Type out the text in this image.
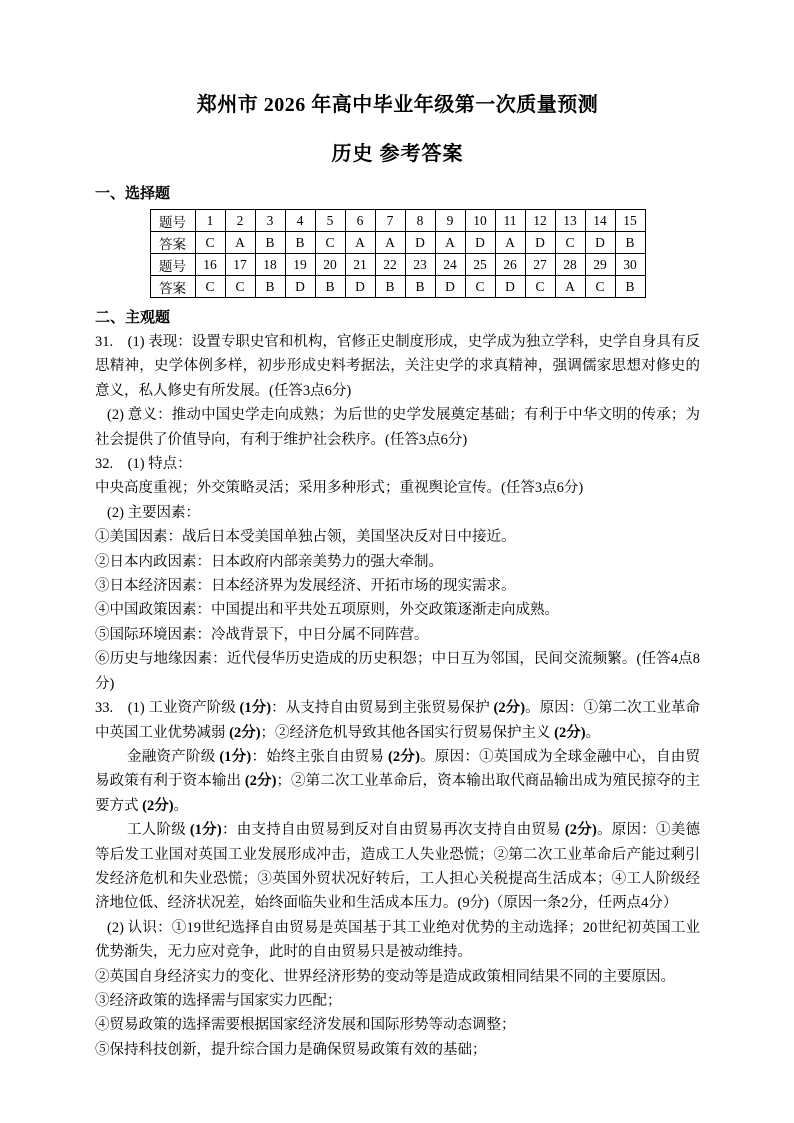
郑州市 2026 年高中毕业年级第一次质量预测
历史 参考答案
一、选择题
题号	1	2	3	4	5	6	7	8	9	10	11	12	13	14	15
答案	C	A	B	B	C	A	A	D	A	D	A	D	C	D	B
题号	16	17	18	19	20	21	22	23	24	25	26	27	28	29	30
答案	C	C	B	D	B	D	B	B	D	C	D	C	A	C	B
二、主观题

31.　(1) 表现：设置专职史官和机构，官修正史制度形成，史学成为独立学科，史学自身具有反思精神，史学体例多样，初步形成史料考据法，关注史学的求真精神，强调儒家思想对修史的意义，私人修史有所发展。(任答3点6分)

(2) 意义：推动中国史学走向成熟；为后世的史学发展奠定基础；有利于中华文明的传承；为社会提供了价值导向，有利于维护社会秩序。(任答3点6分)

32.　(1) 特点：

中央高度重视；外交策略灵活；采用多种形式；重视舆论宣传。(任答3点6分)

(2) 主要因素：

①美国因素：战后日本受美国单独占领，美国坚决反对日中接近。

②日本内政因素：日本政府内部亲美势力的强大牵制。

③日本经济因素：日本经济界为发展经济、开拓市场的现实需求。

④中国政策因素：中国提出和平共处五项原则，外交政策逐渐走向成熟。

⑤国际环境因素：冷战背景下，中日分属不同阵营。

⑥历史与地缘因素：近代侵华历史造成的历史积怨；中日互为邻国，民间交流频繁。(任答4点8分)

33.　(1) 工业资产阶级 (1分)：从支持自由贸易到主张贸易保护 (2分)。原因：①第二次工业革命中英国工业优势减弱 (2分)；②经济危机导致其他各国实行贸易保护主义 (2分)。

金融资产阶级 (1分)：始终主张自由贸易 (2分)。原因：①英国成为全球金融中心，自由贸易政策有利于资本输出 (2分)；②第二次工业革命后，资本输出取代商品输出成为殖民掠夺的主要方式 (2分)。

工人阶级 (1分)：由支持自由贸易到反对自由贸易再次支持自由贸易 (2分)。原因：①美德等后发工业国对英国工业发展形成冲击，造成工人失业恐慌；②第二次工业革命后产能过剩引发经济危机和失业恐慌；③英国外贸状况好转后，工人担心关税提高生活成本；④工人阶级经济地位低、经济状况差，始终面临失业和生活成本压力。(9分)（原因一条2分，任两点4分）

(2) 认识：①19世纪选择自由贸易是英国基于其工业绝对优势的主动选择；20世纪初英国工业优势渐失，无力应对竞争，此时的自由贸易只是被动维持。

②英国自身经济实力的变化、世界经济形势的变动等是造成政策相同结果不同的主要原因。

③经济政策的选择需与国家实力匹配；

④贸易政策的选择需要根据国家经济发展和国际形势等动态调整；

⑤保持科技创新，提升综合国力是确保贸易政策有效的基础；
